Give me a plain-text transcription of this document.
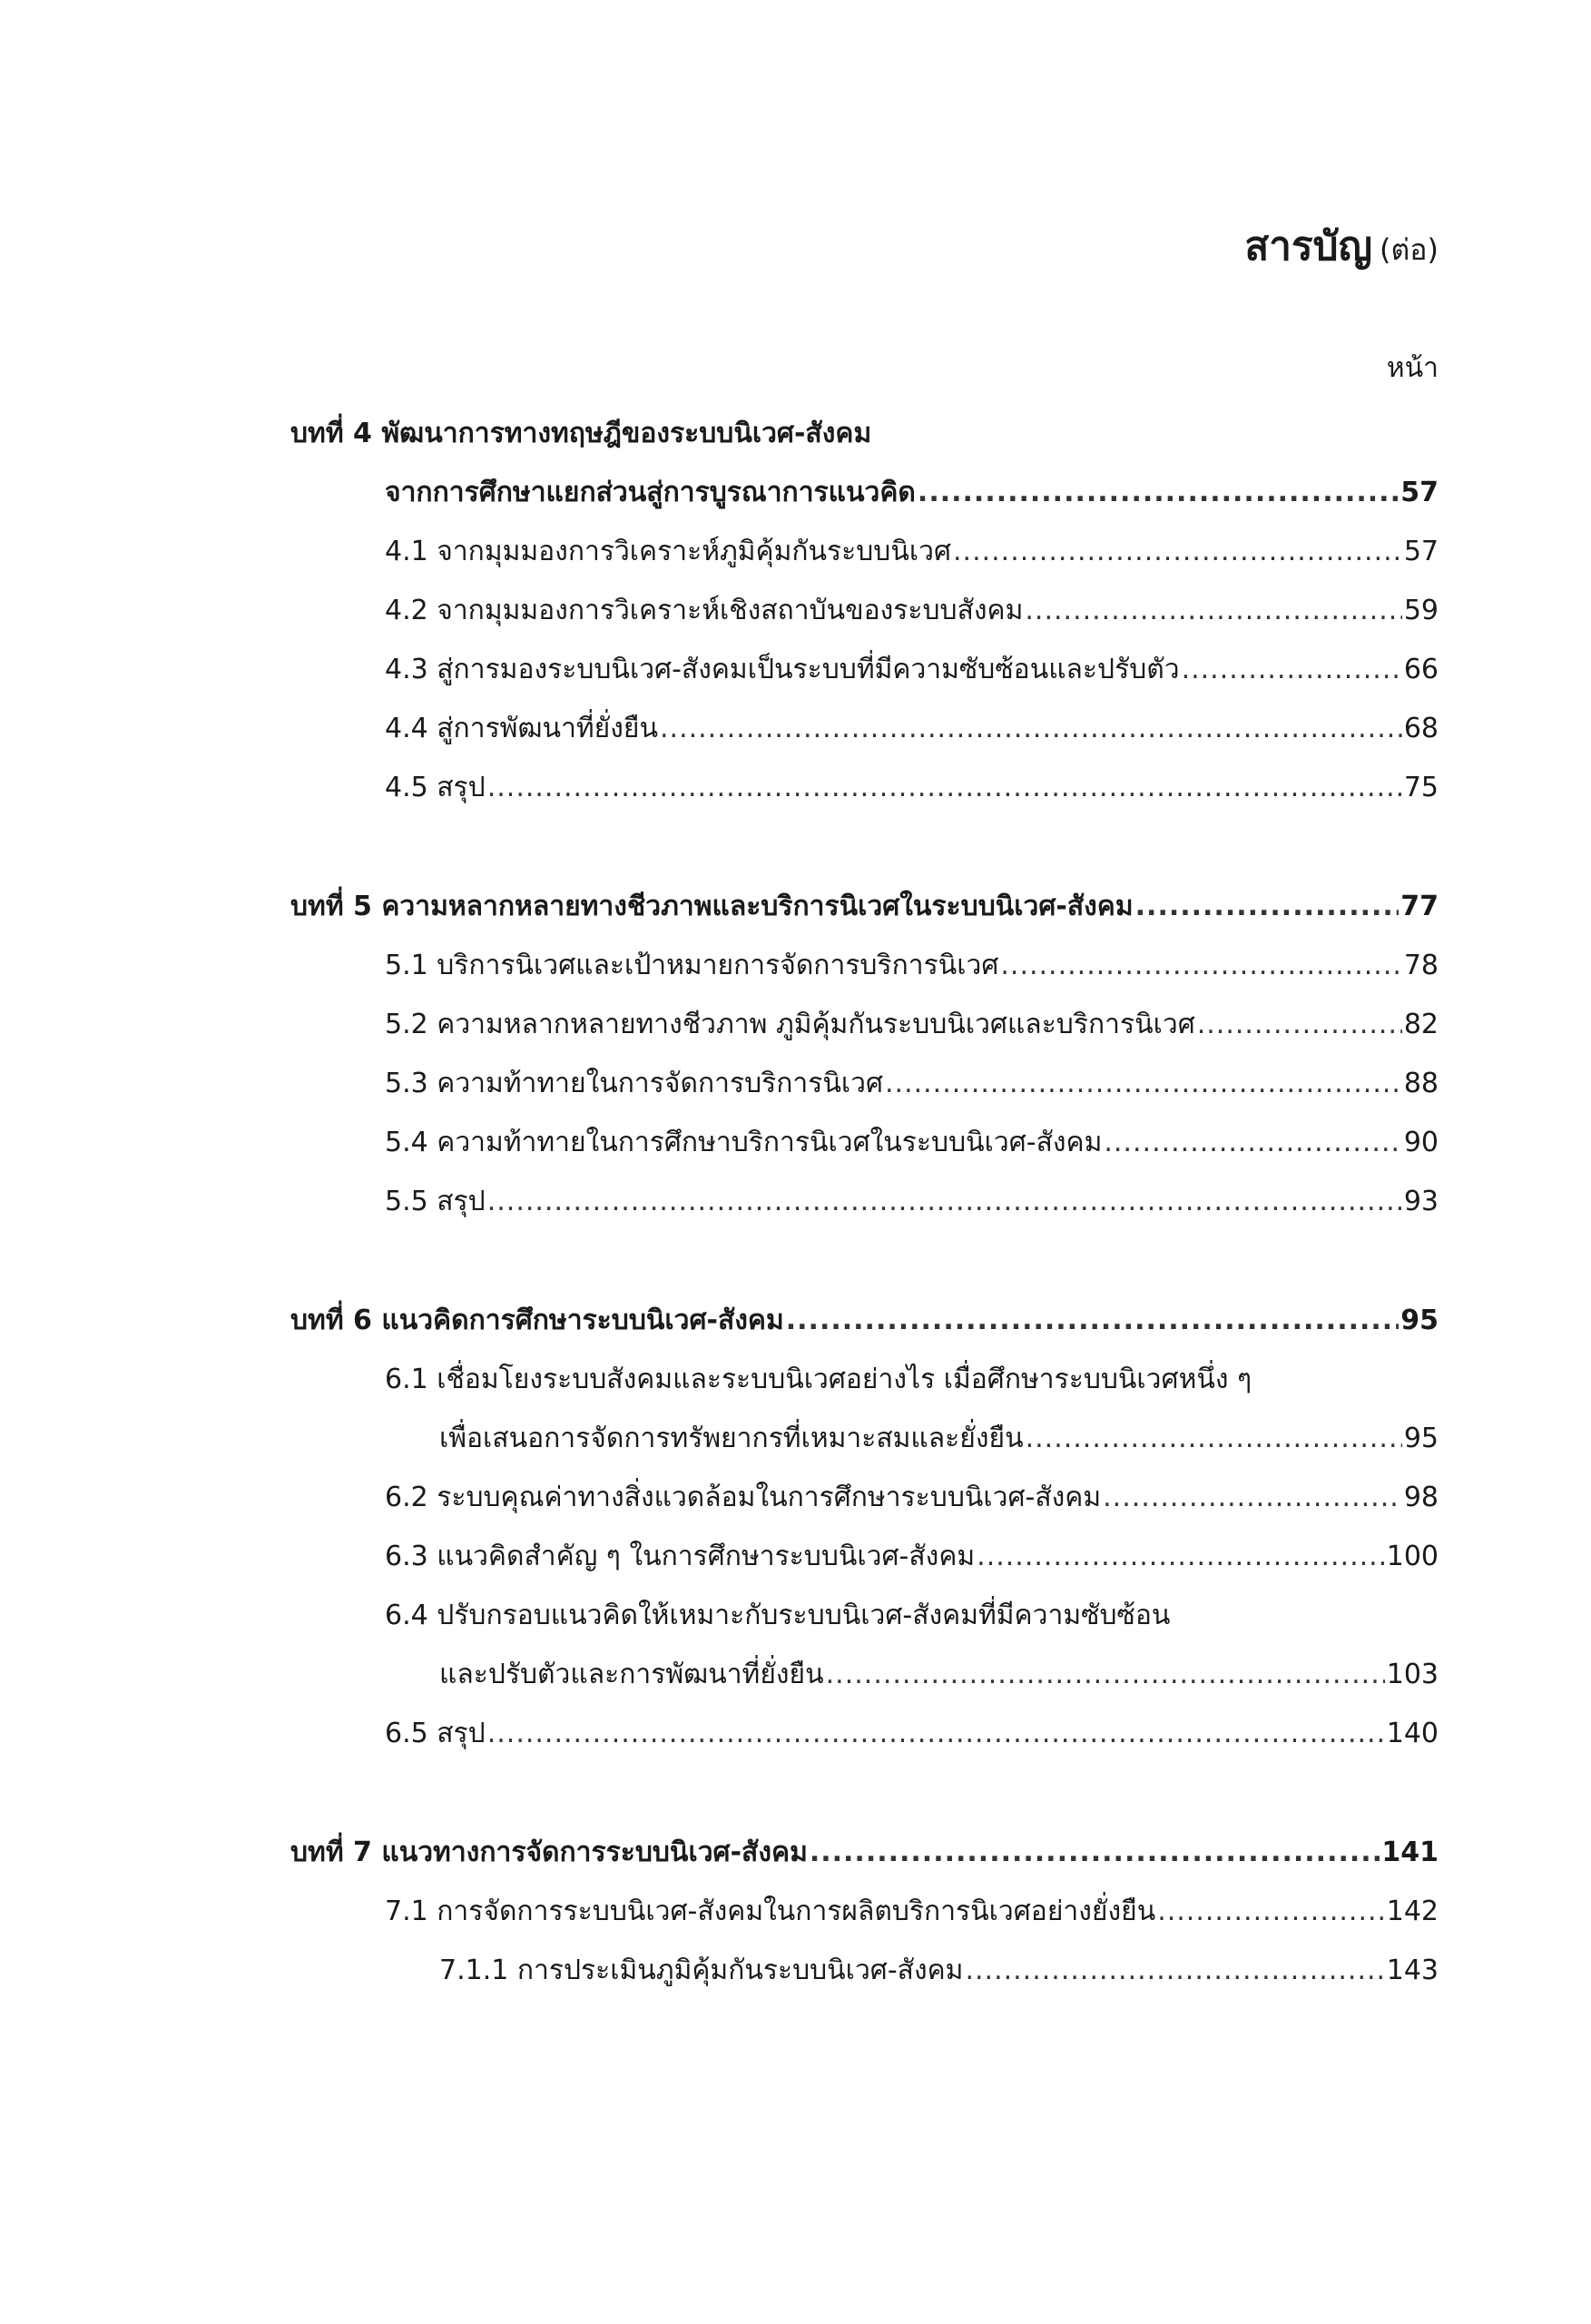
สารบัญ (ต่อ)
หน้า
บทที่ 4 พัฒนาการทางทฤษฎีของระบบนิเวศ-สังคม
จากการศึกษาแยกส่วนสู่การบูรณาการแนวคิด .....	57
4.1 จากมุมมองการวิเคราะห์ภูมิคุ้มกันระบบนิเวศ .....	57
4.2 จากมุมมองการวิเคราะห์เชิงสถาบันของระบบสังคม .....	59
4.3 สู่การมองระบบนิเวศ-สังคมเป็นระบบที่มีความซับซ้อนและปรับตัว .....	66
4.4 สู่การพัฒนาที่ยั่งยืน .....	68
4.5 สรุป .....	75
บทที่ 5 ความหลากหลายทางชีวภาพและบริการนิเวศในระบบนิเวศ-สังคม .....	77
5.1 บริการนิเวศและเป้าหมายการจัดการบริการนิเวศ .....	78
5.2 ความหลากหลายทางชีวภาพ ภูมิคุ้มกันระบบนิเวศและบริการนิเวศ .....	82
5.3 ความท้าทายในการจัดการบริการนิเวศ .....	88
5.4 ความท้าทายในการศึกษาบริการนิเวศในระบบนิเวศ-สังคม .....	90
5.5 สรุป .....	93
บทที่ 6 แนวคิดการศึกษาระบบนิเวศ-สังคม .....	95
6.1 เชื่อมโยงระบบสังคมและระบบนิเวศอย่างไร เมื่อศึกษาระบบนิเวศหนึ่ง ๆ
เพื่อเสนอการจัดการทรัพยากรที่เหมาะสมและยั่งยืน .....	95
6.2 ระบบคุณค่าทางสิ่งแวดล้อมในการศึกษาระบบนิเวศ-สังคม .....	98
6.3 แนวคิดสำคัญ ๆ ในการศึกษาระบบนิเวศ-สังคม .....	100
6.4 ปรับกรอบแนวคิดให้เหมาะกับระบบนิเวศ-สังคมที่มีความซับซ้อน
และปรับตัวและการพัฒนาที่ยั่งยืน .....	103
6.5 สรุป .....	140
บทที่ 7 แนวทางการจัดการระบบนิเวศ-สังคม .....	141
7.1 การจัดการระบบนิเวศ-สังคมในการผลิตบริการนิเวศอย่างยั่งยืน .....	142
7.1.1 การประเมินภูมิคุ้มกันระบบนิเวศ-สังคม .....	143
